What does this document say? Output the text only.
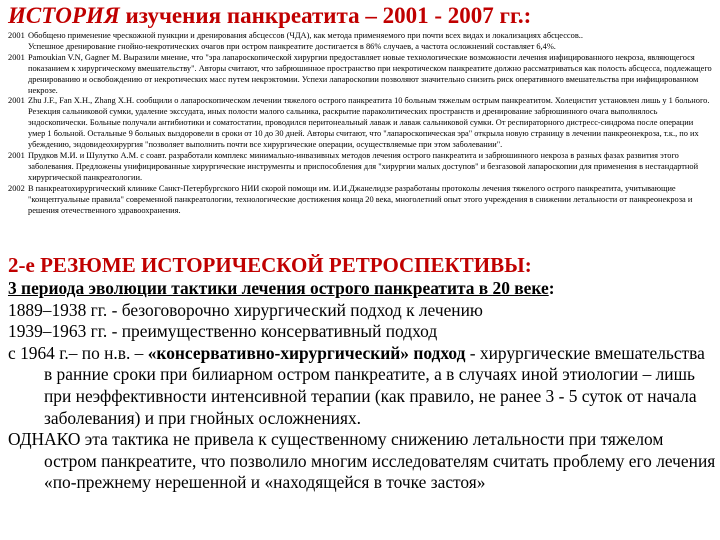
ИСТОРИЯ изучения панкреатита – 2001 - 2007 гг.:

2001 Обобщено применение чрескожной пункции и дренирования абсцессов (ЧДА), как метода применяемого при почти всех видах и локализациях абсцессов..

Успешное дренирование гнойно-некротических очагов при остром панкреатите достигается в 86% случаев, а частота осложнений составляет 6,4%.

2001 Pamoukian V.N, Gagner M. Выразили мнение, что "эра лапароскопической хирургии предоставляет новые технологические возможности лечения инфицированного некроза, являющегося показанием к хирургическому вмешательству". Авторы считают, что забрюшинное пространство при некротическом панкреатите должно рассматриваться как полость абсцесса, подлежащего дренированию и освобождению от некротических масс путем некрэктомии. Успехи лапароскопии позволяют значительно снизить риск оперативного вмешательства при инфицированном некрозе.

2001 Zhu J.F., Fan X.H., Zhang X.H. сообщили о лапароскопическом лечении тяжелого острого панкреатита 10 больным тяжелым острым панкреатитом. Холецистит установлен лишь у 1 больного. Резекция сальниковой сумки, удаление экссудата, иных полости малого сальника, раскрытие параколитических пространств и дренирование забрюшинного очага выполнялось эндоскопически. Больные получали антибиотики и соматостатин, проводился перитонеальный лаваж и лаваж сальниковой сумки. От респираторного дистресс-синдрома после операции умер 1 больной. Остальные 9 больных выздоровели в сроки от 10 до 30 дней. Авторы считают, что "лапароскопическая эра" открыла новую страницу в лечении панкреонекроза, т.к., по их убеждению, эндовидеохирургия "позволяет выполнить почти все хирургические операции, осуществляемые при этом заболевании".

2001 Прудков М.И. и Шулутко А.М. с соавт. разработали комплекс минимально-инвазивных методов лечения острого панкреатита и забрюшинного некроза в разных фазах развития этого заболевания. Предложены унифицированные хирургические инструменты и приспособления для "хирургии малых доступов" и безгазовой лапароскопии для применения в нестандартной хирургической панкреатологии.

2002 В панкреатохирургический клинике Санкт-Петербургского НИИ скорой помощи им. И.И.Джанелидзе разработаны протоколы лечения тяжелого острого панкреатита, учитывающие "концептуальные правила" современной панкреатологии, технологические достижения конца 20 века, многолетний опыт этого учреждения в снижении летальности от панкреонекроза и решения отечественного здравоохранения.

2-е РЕЗЮМЕ ИСТОРИЧЕСКОЙ РЕТРОСПЕКТИВЫ:

3 периода эволюции тактики лечения острого панкреатита в 20 веке:

1889–1938 гг. - безоговорочно хирургический подход к лечению

1939–1963 гг. - преимущественно консервативный подход

с 1964 г.– по н.в. – «консервативно-хирургический» подход - хирургические вмешательства в ранние сроки при билиарном остром панкреатите, а в случаях иной этиологии – лишь при неэффективности интенсивной терапии (как правило, не ранее 3 - 5 суток от начала заболевания) и при гнойных осложнениях.

ОДНАКО эта тактика не привела к существенному снижению летальности при тяжелом остром панкреатите, что позволило многим исследователям считать проблему его лечения «по-прежнему нерешенной и «находящейся в точке застоя»
